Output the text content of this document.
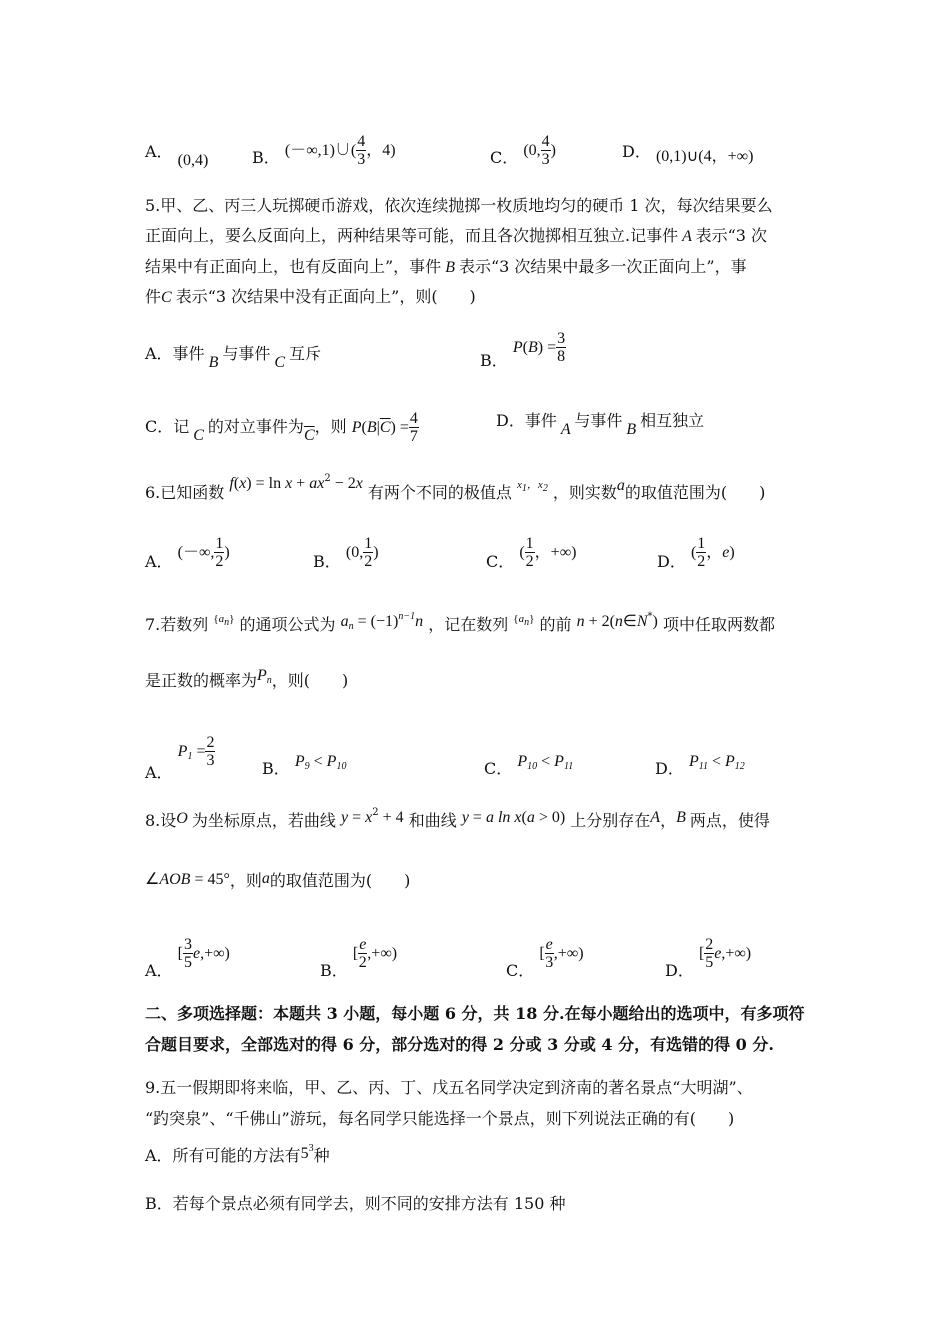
A． (0,4)	B． (－∞,1)∪( $\frac{4}{3}$ ，4)	C． (0, $\frac{4}{3}$ )	D． (0,1)∪(4，+∞)
5.甲、乙、丙三人玩掷硬币游戏，依次连续抛掷一枚质地均匀的硬币 1 次，每次结果要么
正面向上，要么反面向上，两种结果等可能，而且各次抛掷相互独立.记事件 A 表示“3 次
结果中有正面向上，也有反面向上”，事件 B 表示“3 次结果中最多一次正面向上”，事
件C 表示“3 次结果中没有正面向上”，则(　　)
A．事件 B 与事件 C 互斥	B． $P(B) = \frac{3}{8}$
C．记 C 的对立事件为$\overline{C}$，则 $P(B|\overline{C}) = \frac{4}{7}$	D．事件 A 与事件 B 相互独立
6.已知函数 $f(x) = \ln x + ax^2 - 2x$ 有两个不同的极值点 $^{x1,x2}$ ，则实数a的取值范围为(　　)
A． (－∞, $\frac{1}{2}$ )	B． (0, $\frac{1}{2}$ )	C． ( $\frac{1}{2}$ ，+∞)	D． ( $\frac{1}{2}$ ，e)
7.若数列 $^{\{an\}}$ 的通项公式为 $a_n = (-1)^{n-1}n$ ，记在数列 $^{\{an\}}$ 的前 n + 2(n∈N*) 项中任取两数都
是正数的概率为$P_n$，则(　　)
A． $P_1 = \frac{2}{3}$	B． $P_9 < P_{10}$	C． $P_{10} < P_{11}$	D． $P_{11} < P_{12}$
8.设O 为坐标原点，若曲线 $y = x^2 + 4$ 和曲线 y = a ln x(a > 0) 上分别存在A，B 两点，使得
∠AOB = 45°，则a的取值范围为(　　)
A． [ $\frac{3}{5} e,+\infty$)
B． [ $\frac{e}{2}$ ,+∞)
C． [ $\frac{e}{3}$ ,+∞)
D． [ $\frac{2}{5} e,+\infty$)
二、多项选择题：本题共 3 小题，每小题 6 分，共 18 分.在每小题给出的选项中，有多项符
合题目要求，全部选对的得 6 分，部分选对的得 2 分或 3 分或 4 分，有选错的得 0 分.
9.五一假期即将来临，甲、乙、丙、丁、戊五名同学决定到济南的著名景点“大明湖”、
“趵突泉”、“千佛山”游玩，每名同学只能选择一个景点，则下列说法正确的有(　　)
A．所有可能的方法有$5^3$种
B．若每个景点必须有同学去，则不同的安排方法有 150 种
